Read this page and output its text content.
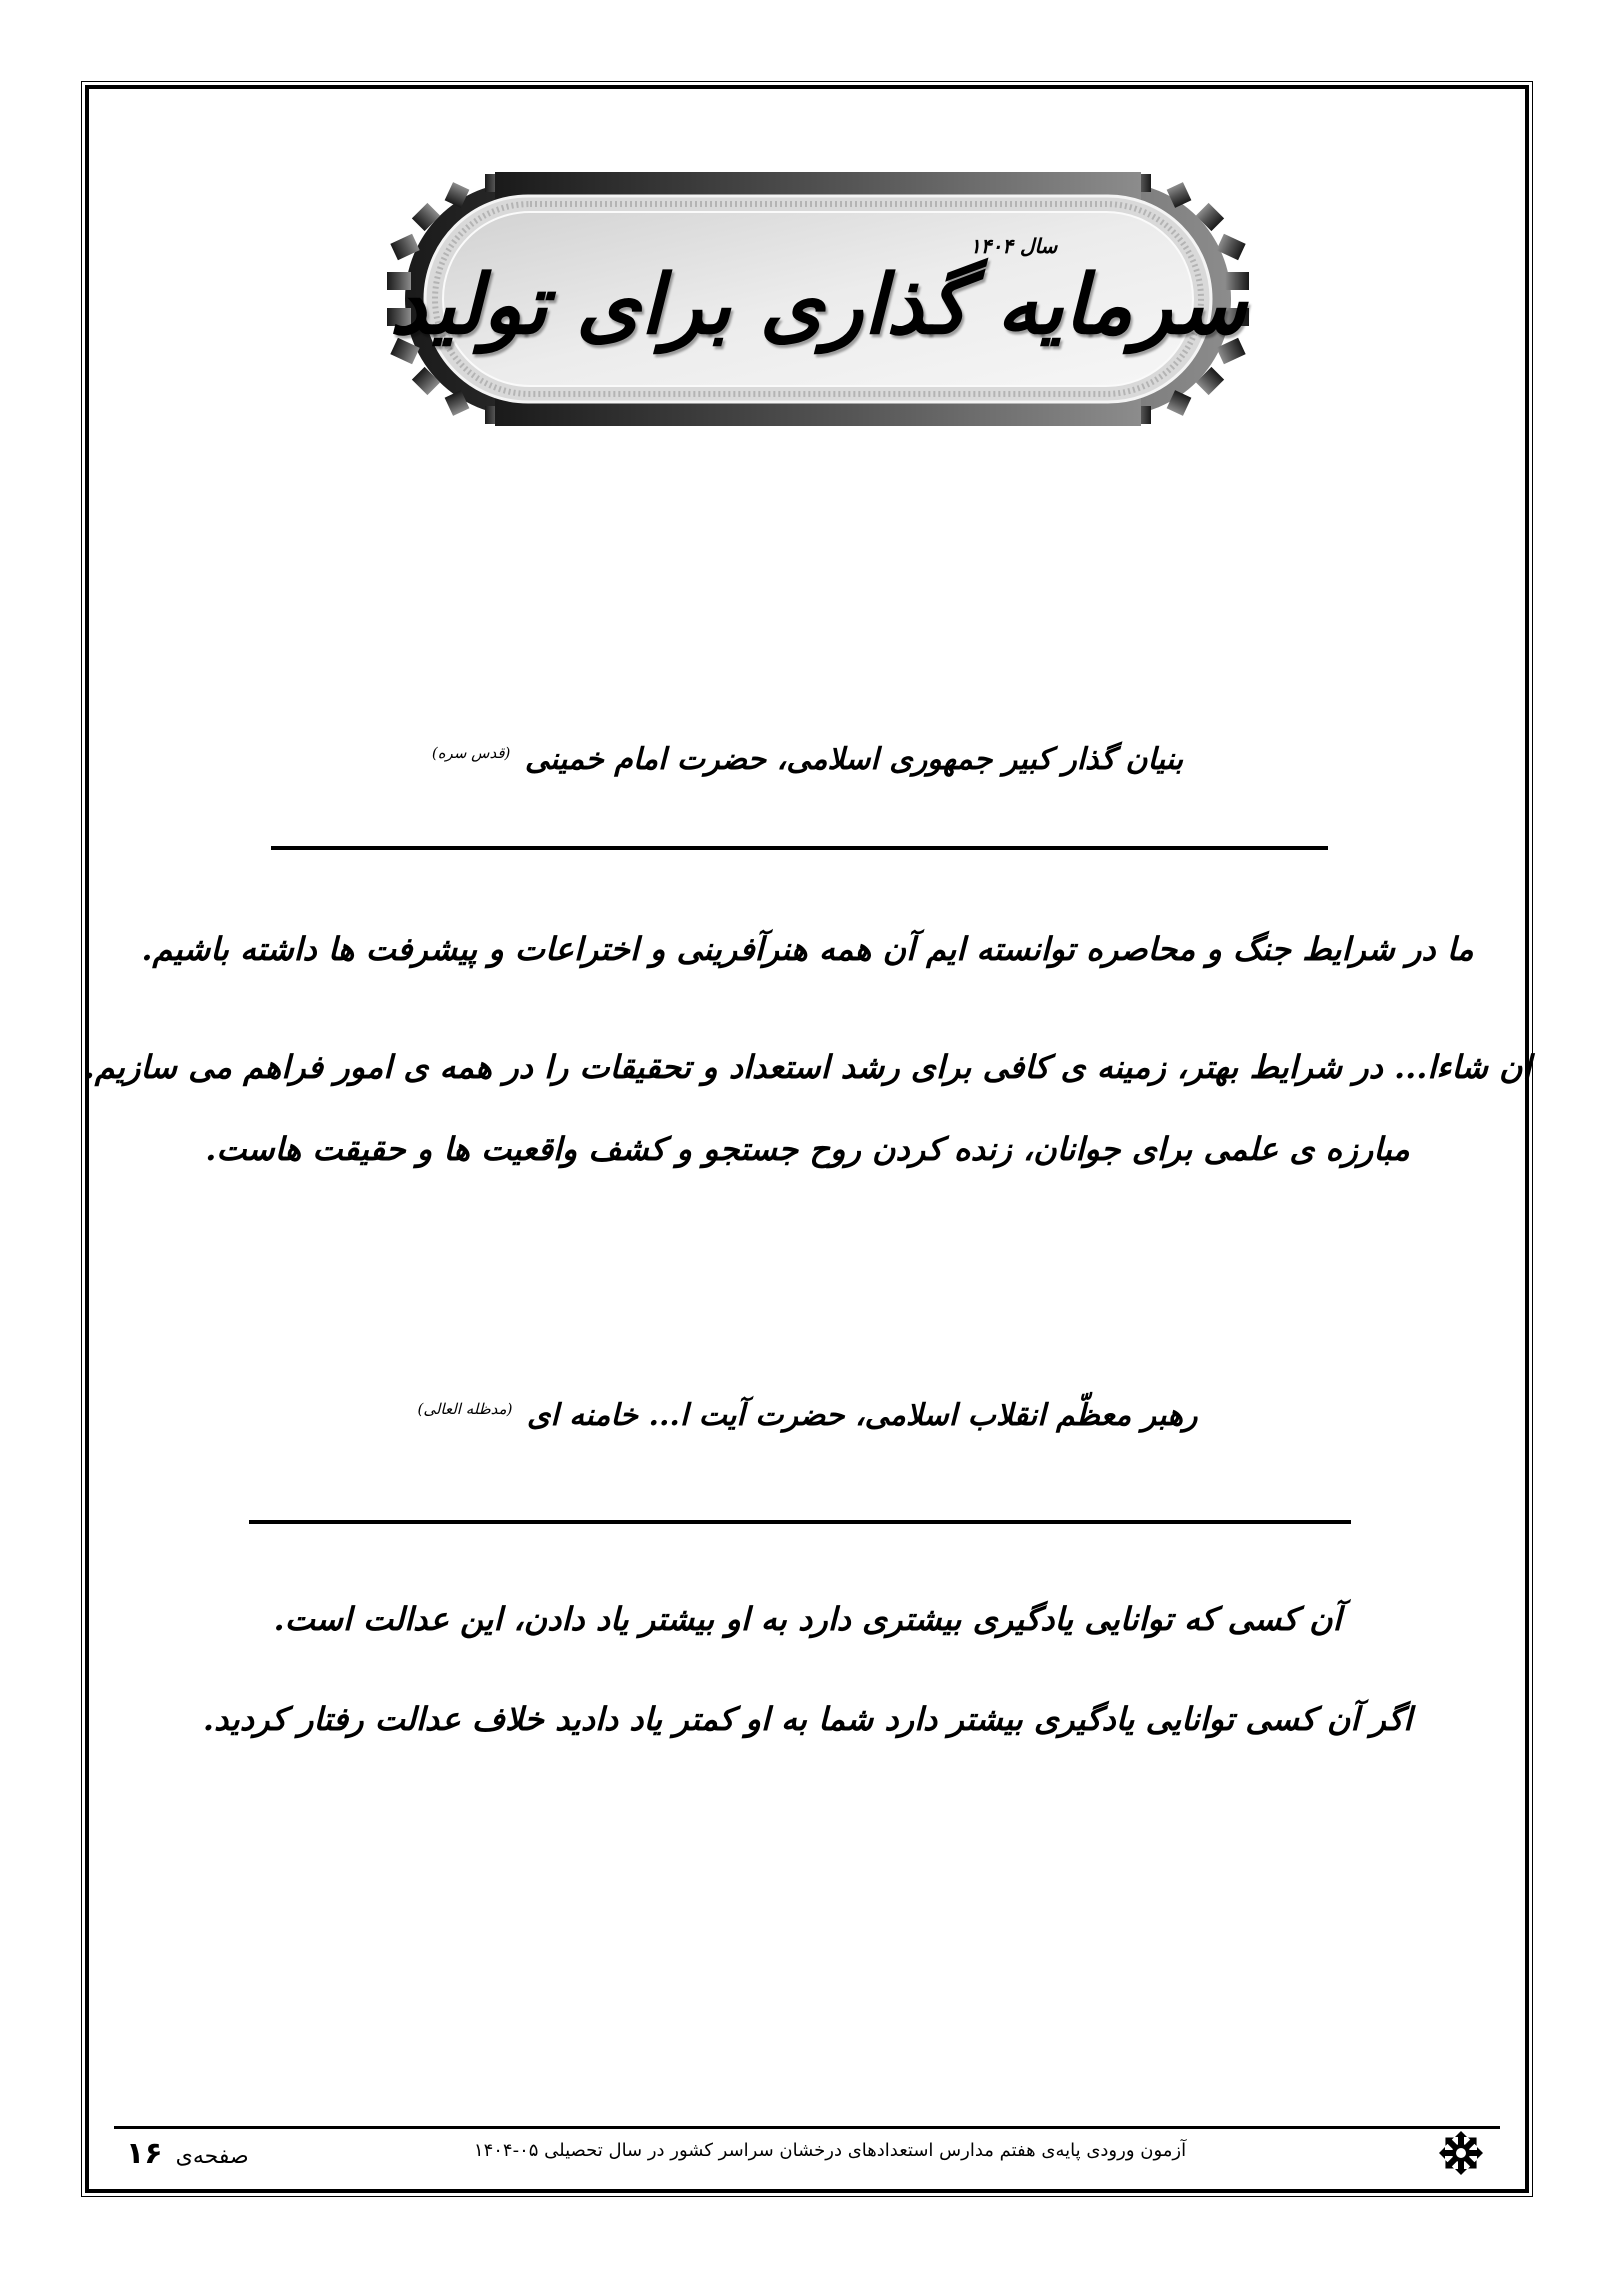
سال ۱۴۰۴
سرمایه گذاری برای تولید
بنیان گذار کبیر جمهوری اسلامی، حضرت امام خمینی $^{(قدس سره)}$
ما در شرایط جنگ و محاصره توانسته ایم آن همه هنرآفرینی و اختراعات و پیشرفت ها داشته باشیم.
ان شاءا... در شرایط بهتر، زمینه ی کافی برای رشد استعداد و تحقیقات را در همه ی امور فراهم می سازیم.
مبارزه ی علمی برای جوانان، زنده کردن روح جستجو و کشف واقعیت ها و حقیقت هاست.
رهبر معظّم انقلاب اسلامی، حضرت آیت ا... خامنه ای $^{(مدظله العالی)}$
آن کسی که توانایی یادگیری بیشتری دارد به او بیشتر یاد دادن، این عدالت است.
اگر آن کسی توانایی یادگیری بیشتر دارد شما به او کمتر یاد دادید خلاف عدالت رفتار کردید.
صفحه‌ی ۱۶	آزمون ورودی پایه‌ی هفتم مدارس استعدادهای درخشان سراسر کشور در سال تحصیلی ۰۵-۱۴۰۴
